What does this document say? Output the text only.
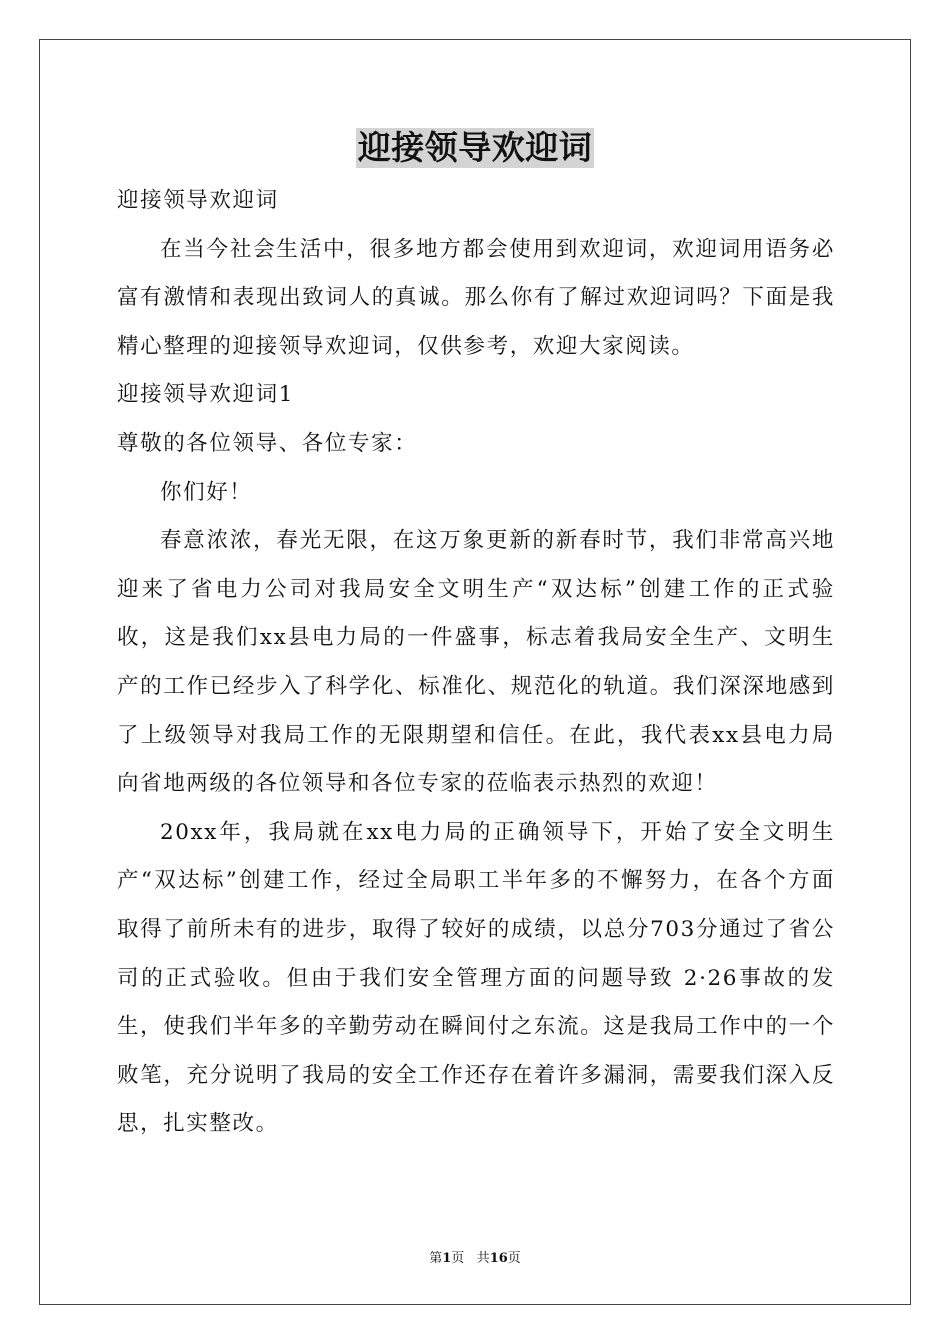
迎接领导欢迎词
迎接领导欢迎词

在当今社会生活中，很多地方都会使用到欢迎词，欢迎词用语务必富有激情和表现出致词人的真诚。那么你有了解过欢迎词吗？下面是我精心整理的迎接领导欢迎词，仅供参考，欢迎大家阅读。

迎接领导欢迎词1
尊敬的各位领导、各位专家：

你们好！

春意浓浓，春光无限，在这万象更新的新春时节，我们非常高兴地迎来了省电力公司对我局安全文明生产“双达标”创建工作的正式验收，这是我们xx县电力局的一件盛事，标志着我局安全生产、文明生产的工作已经步入了科学化、标准化、规范化的轨道。我们深深地感到了上级领导对我局工作的无限期望和信任。在此，我代表xx县电力局向省地两级的各位领导和各位专家的莅临表示热烈的欢迎！

20xx年，我局就在xx电力局的正确领导下，开始了安全文明生产“双达标”创建工作，经过全局职工半年多的不懈努力，在各个方面取得了前所未有的进步，取得了较好的成绩，以总分703分通过了省公司的正式验收。但由于我们安全管理方面的问题导致 2·26事故的发生，使我们半年多的辛勤劳动在瞬间付之东流。这是我局工作中的一个败笔，充分说明了我局的安全工作还存在着许多漏洞，需要我们深入反思，扎实整改。

第1页 共16页
